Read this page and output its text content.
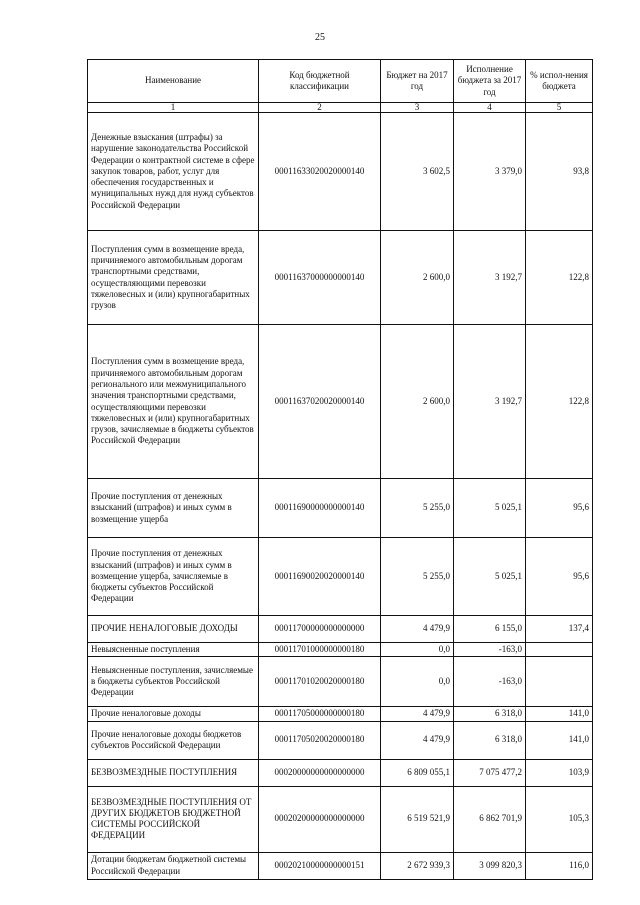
25
Наименование	Код бюджетной классификации	Бюджет на 2017 год	Исполнение бюджета за 2017 год	% испол-нения бюджета
1	2	3	4	5
Денежные взыскания (штрафы) за нарушение законодательства Российской Федерации о контрактной системе в сфере закупок товаров, работ, услуг для обеспечения государственных и муниципальных нужд для нужд субъектов Российской Федерации	00011633020020000140	3 602,5	3 379,0	93,8
Поступления сумм в возмещение вреда, причиняемого автомобильным дорогам транспортными средствами, осуществляющими перевозки тяжеловесных и (или) крупногабаритных грузов	00011637000000000140	2 600,0	3 192,7	122,8
Поступления сумм в возмещение вреда, причиняемого автомобильным дорогам регионального или межмуниципального значения транспортными средствами, осуществляющими перевозки тяжеловесных и (или) крупногабаритных грузов, зачисляемые в бюджеты субъектов Российской Федерации	00011637020020000140	2 600,0	3 192,7	122,8
Прочие поступления от денежных взысканий (штрафов) и иных сумм в возмещение ущерба	00011690000000000140	5 255,0	5 025,1	95,6
Прочие поступления от денежных взысканий (штрафов) и иных сумм в возмещение ущерба, зачисляемые в бюджеты субъектов Российской Федерации	00011690020020000140	5 255,0	5 025,1	95,6
ПРОЧИЕ НЕНАЛОГОВЫЕ ДОХОДЫ	00011700000000000000	4 479,9	6 155,0	137,4
Невыясненные поступления	00011701000000000180	0,0	-163,0	
Невыясненные поступления, зачисляемые в бюджеты субъектов Российской Федерации	00011701020020000180	0,0	-163,0	
Прочие неналоговые доходы	00011705000000000180	4 479,9	6 318,0	141,0
Прочие неналоговые доходы бюджетов субъектов Российской Федерации	00011705020020000180	4 479,9	6 318,0	141,0
БЕЗВОЗМЕЗДНЫЕ ПОСТУПЛЕНИЯ	00020000000000000000	6 809 055,1	7 075 477,2	103,9
БЕЗВОЗМЕЗДНЫЕ ПОСТУПЛЕНИЯ ОТ ДРУГИХ БЮДЖЕТОВ БЮДЖЕТНОЙ СИСТЕМЫ РОССИЙСКОЙ ФЕДЕРАЦИИ	00020200000000000000	6 519 521,9	6 862 701,9	105,3
Дотации бюджетам бюджетной системы Российской Федерации	00020210000000000151	2 672 939,3	3 099 820,3	116,0
